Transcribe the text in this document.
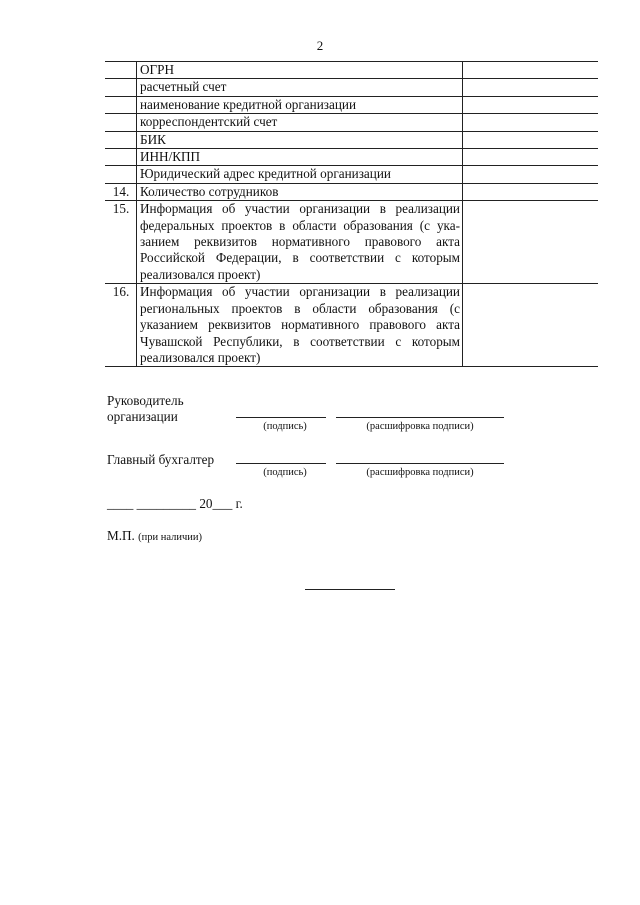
2
	ОГРН	
	расчетный счет	
	наименование кредитной организации	
	корреспондентский счет	
	БИК	
	ИНН/КПП	
	Юридический адрес кредитной организации	
14.	Количество сотрудников	
15.	Информация об участии организации в реализации федеральных проектов в области образования (с ука-занием реквизитов нормативного правового акта Российской Федерации, в соответствии с которым реализовался проект)	
16.	Информация об участии организации в реализации региональных проектов в области образования (с указанием реквизитов нормативного правового акта Чувашской Республики, в соответствии с которым реализовался проект)	
Руководитель
организации
(подпись)	(расшифровка подписи)
Главный бухгалтер
(подпись)	(расшифровка подписи)
____ _________ 20___ г.
М.П. (при наличии)
